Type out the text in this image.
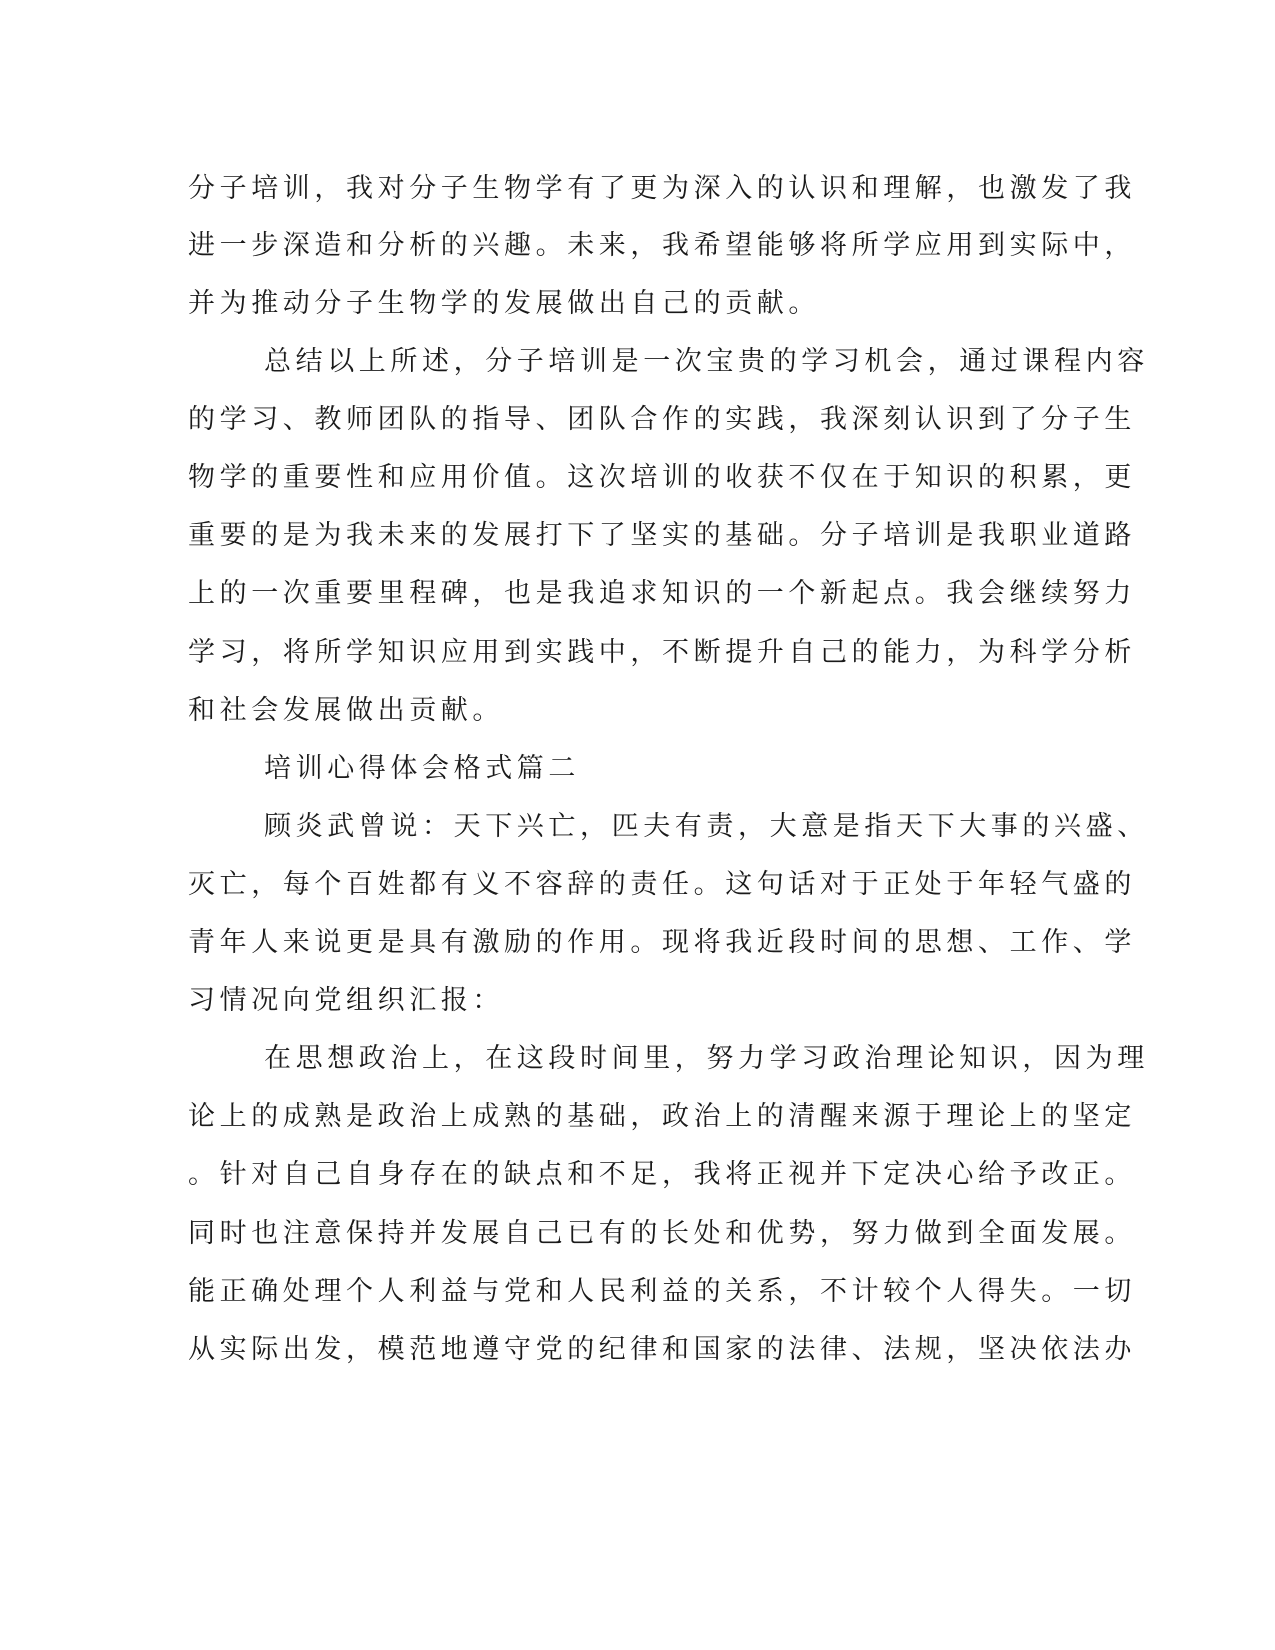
分子培训，我对分子生物学有了更为深入的认识和理解，也激发了我
进一步深造和分析的兴趣。未来，我希望能够将所学应用到实际中，
并为推动分子生物学的发展做出自己的贡献。
总结以上所述，分子培训是一次宝贵的学习机会，通过课程内容
的学习、教师团队的指导、团队合作的实践，我深刻认识到了分子生
物学的重要性和应用价值。这次培训的收获不仅在于知识的积累，更
重要的是为我未来的发展打下了坚实的基础。分子培训是我职业道路
上的一次重要里程碑，也是我追求知识的一个新起点。我会继续努力
学习，将所学知识应用到实践中，不断提升自己的能力，为科学分析
和社会发展做出贡献。
培训心得体会格式篇二
顾炎武曾说：天下兴亡，匹夫有责，大意是指天下大事的兴盛、
灭亡，每个百姓都有义不容辞的责任。这句话对于正处于年轻气盛的
青年人来说更是具有激励的作用。现将我近段时间的思想、工作、学
习情况向党组织汇报：
在思想政治上，在这段时间里，努力学习政治理论知识，因为理
论上的成熟是政治上成熟的基础，政治上的清醒来源于理论上的坚定
。针对自己自身存在的缺点和不足，我将正视并下定决心给予改正。
同时也注意保持并发展自己已有的长处和优势，努力做到全面发展。
能正确处理个人利益与党和人民利益的关系，不计较个人得失。一切
从实际出发，模范地遵守党的纪律和国家的法律、法规，坚决依法办
